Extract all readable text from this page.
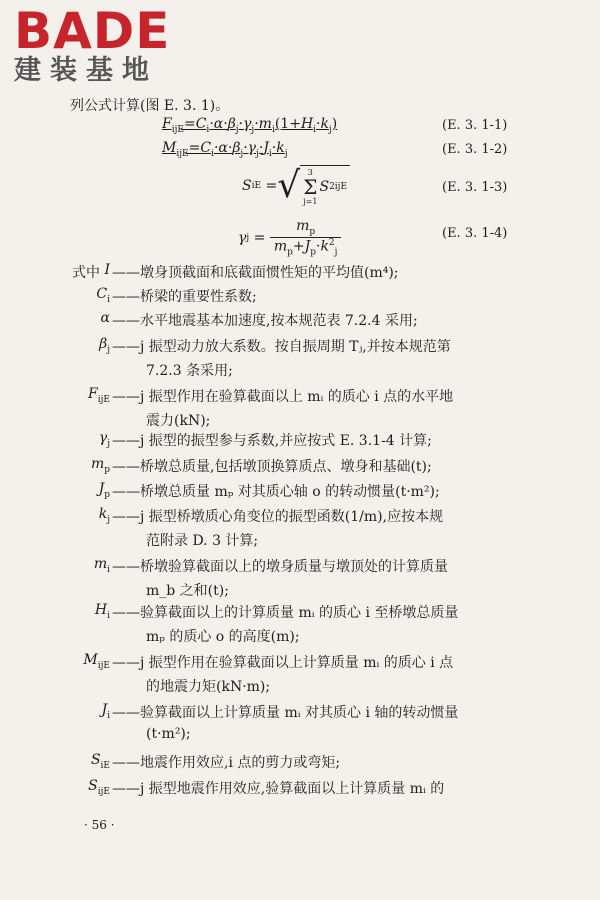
BADE
建装基地
列公式计算(图 E. 3. 1)。
$F_{ijE}=C_i\cdot\alpha\cdot\beta_j\cdot\gamma_j\cdot m_i(1+H_i\cdot k_j)$	(E. 3. 1-1)
$M_{ijE}=C_i\cdot\alpha\cdot\beta_j\cdot\gamma_j\cdot J_i\cdot k_j$	(E. 3. 1-2)
S iE = √ 3
Σ
j=1
S 2 ijE	(E. 3. 1-3)
γ $j = \frac{m_p}{m_p+J_p\cdot k^2_j}$	(E. 3. 1-4)
式中 I ——墩身顶截面和底截面惯性矩的平均值(m⁴);
$C_i$ ——桥梁的重要性系数;
α ——水平地震基本加速度,按本规范表 7.2.4 采用;
$\beta_j$ ——j 振型动力放大系数。按自振周期 Tⱼ,并按本规范第
7.2.3 条采用;
$F_{ijE}$ ——j 振型作用在验算截面以上 mᵢ 的质心 i 点的水平地
震力(kN);
$\gamma_j$ ——j 振型的振型参与系数,并应按式 E. 3.1-4 计算;
$m_p$ ——桥墩总质量,包括墩顶换算质点、墩身和基础(t);
$J_p$ ——桥墩总质量 mₚ 对其质心轴 o 的转动惯量(t·m²);
$k_j$ ——j 振型桥墩质心角变位的振型函数(1/m),应按本规
范附录 D. 3 计算;
$m_i$ ——桥墩验算截面以上的墩身质量与墩顶处的计算质量
m_b 之和(t);
$H_i$ ——验算截面以上的计算质量 mᵢ 的质心 i 至桥墩总质量
mₚ 的质心 o 的高度(m);
$M_{ijE}$ ——j 振型作用在验算截面以上计算质量 mᵢ 的质心 i 点
的地震力矩(kN·m);
$J_i$ ——验算截面以上计算质量 mᵢ 对其质心 i 轴的转动惯量
(t·m²);
$S_{iE}$ ——地震作用效应,i 点的剪力或弯矩;
$S_{ijE}$ ——j 振型地震作用效应,验算截面以上计算质量 mᵢ 的
· 56 ·
